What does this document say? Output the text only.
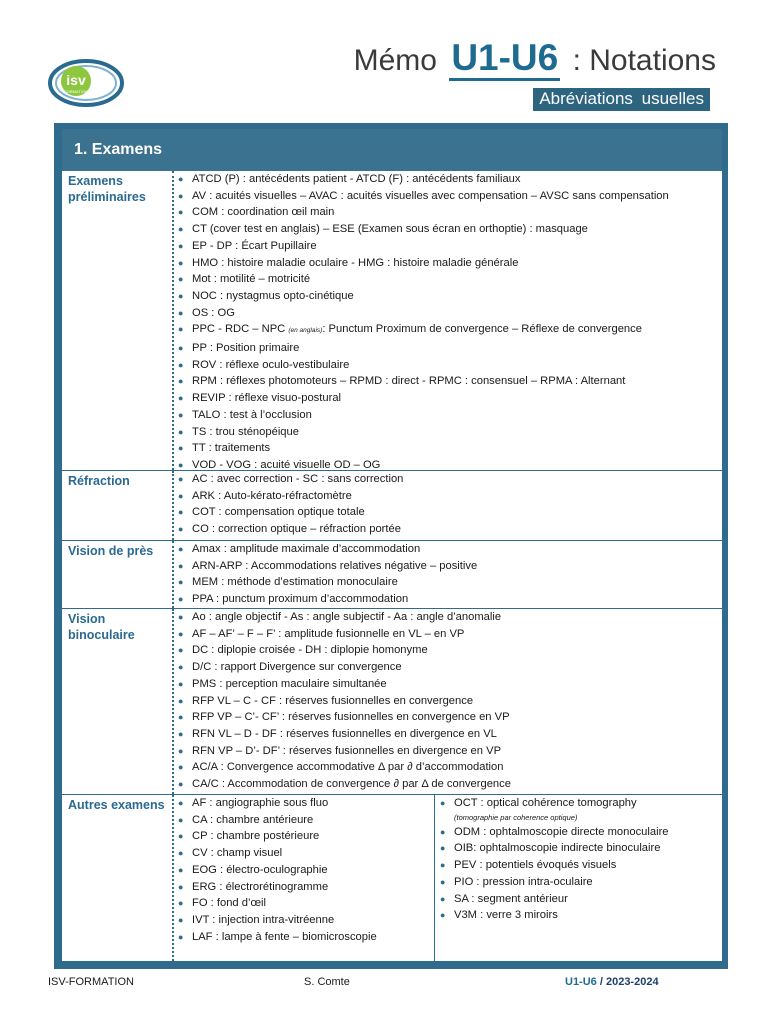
isv
FORMATION
Mémo U1-U6 : Notations
Abréviations usuelles
1. Examens
Examens préliminaires
● ATCD (P) : antécédents patient - ATCD (F) : antécédents familiaux
● AV : acuités visuelles – AVAC : acuités visuelles avec compensation – AVSC sans compensation
● COM : coordination œil main
● CT (cover test en anglais) – ESE (Examen sous écran en orthoptie) : masquage
● EP - DP : Écart Pupillaire
● HMO : histoire maladie oculaire - HMG : histoire maladie générale
● Mot : motilité – motricité
● NOC : nystagmus opto-cinétique
● OS : OG
● PPC - RDC – NPC (en anglais): Punctum Proximum de convergence – Réflexe de convergence
● PP : Position primaire
● ROV : réflexe oculo-vestibulaire
● RPM : réflexes photomoteurs – RPMD : direct - RPMC : consensuel – RPMA : Alternant
● REVIP : réflexe visuo-postural
● TALO : test à l’occlusion
● TS : trou sténopéique
● TT : traitements
● VOD - VOG : acuité visuelle OD – OG
Réfraction	● AC : avec correction - SC : sans correction
● ARK : Auto-kérato-réfractomètre
● COT : compensation optique totale
● CO : correction optique – réfraction portée
Vision de près	● Amax : amplitude maximale d’accommodation
● ARN-ARP : Accommodations relatives négative – positive
● MEM : méthode d’estimation monoculaire
● PPA : punctum proximum d’accommodation
Vision binoculaire
● Ao : angle objectif - As : angle subjectif - Aa : angle d’anomalie
● AF – AF’ – F – F’ : amplitude fusionnelle en VL – en VP
● DC : diplopie croisée - DH : diplopie homonyme
● D/C : rapport Divergence sur convergence
● PMS : perception maculaire simultanée
● RFP VL – C - CF : réserves fusionnelles en convergence
● RFP VP – C’- CF’ : réserves fusionnelles en convergence en VP
● RFN VL – D - DF : réserves fusionnelles en divergence en VL
● RFN VP – D’- DF’ : réserves fusionnelles en divergence en VP
● AC/A : Convergence accommodative Δ par ∂ d’accommodation
● CA/C : Accommodation de convergence ∂ par Δ de convergence
Autres examens	● AF : angiographie sous fluo
● CA : chambre antérieure
● CP : chambre postérieure
● CV : champ visuel
● EOG : électro-oculographie
● ERG : électrorétinogramme
● FO : fond d’œil
● IVT : injection intra-vitréenne
● LAF : lampe à fente – biomicroscopie
● OCT : optical cohérence tomography
(tomographie par coherence optique)
● ODM : ophtalmoscopie directe monoculaire
● OIB: ophtalmoscopie indirecte binoculaire
● PEV : potentiels évoqués visuels
● PIO : pression intra-oculaire
● SA : segment antérieur
● V3M : verre 3 miroirs
ISV-FORMATION	S. Comte	U1-U6 / 2023-2024
